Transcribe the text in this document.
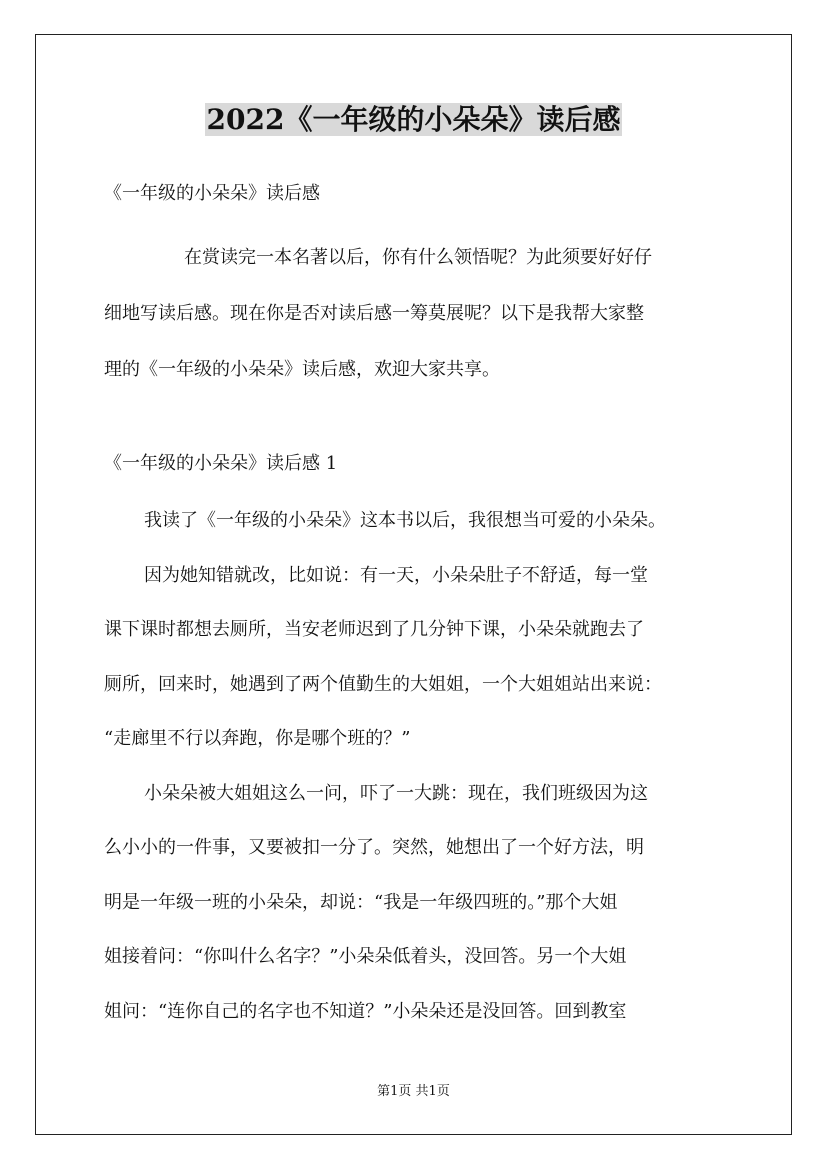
2022《一年级的小朵朵》读后感
《一年级的小朵朵》读后感
在赏读完一本名著以后，你有什么领悟呢？为此须要好好仔
细地写读后感。现在你是否对读后感一筹莫展呢？以下是我帮大家整
理的《一年级的小朵朵》读后感，欢迎大家共享。
《一年级的小朵朵》读后感 1
我读了《一年级的小朵朵》这本书以后，我很想当可爱的小朵朵。
因为她知错就改，比如说：有一天，小朵朵肚子不舒适，每一堂
课下课时都想去厕所，当安老师迟到了几分钟下课，小朵朵就跑去了
厕所，回来时，她遇到了两个值勤生的大姐姐，一个大姐姐站出来说：
“走廊里不行以奔跑，你是哪个班的？”
小朵朵被大姐姐这么一问，吓了一大跳：现在，我们班级因为这
么小小的一件事，又要被扣一分了。突然，她想出了一个好方法，明
明是一年级一班的小朵朵，却说：“我是一年级四班的。”那个大姐
姐接着问：“你叫什么名字？”小朵朵低着头，没回答。另一个大姐
姐问：“连你自己的名字也不知道？”小朵朵还是没回答。回到教室
第1页 共1页
